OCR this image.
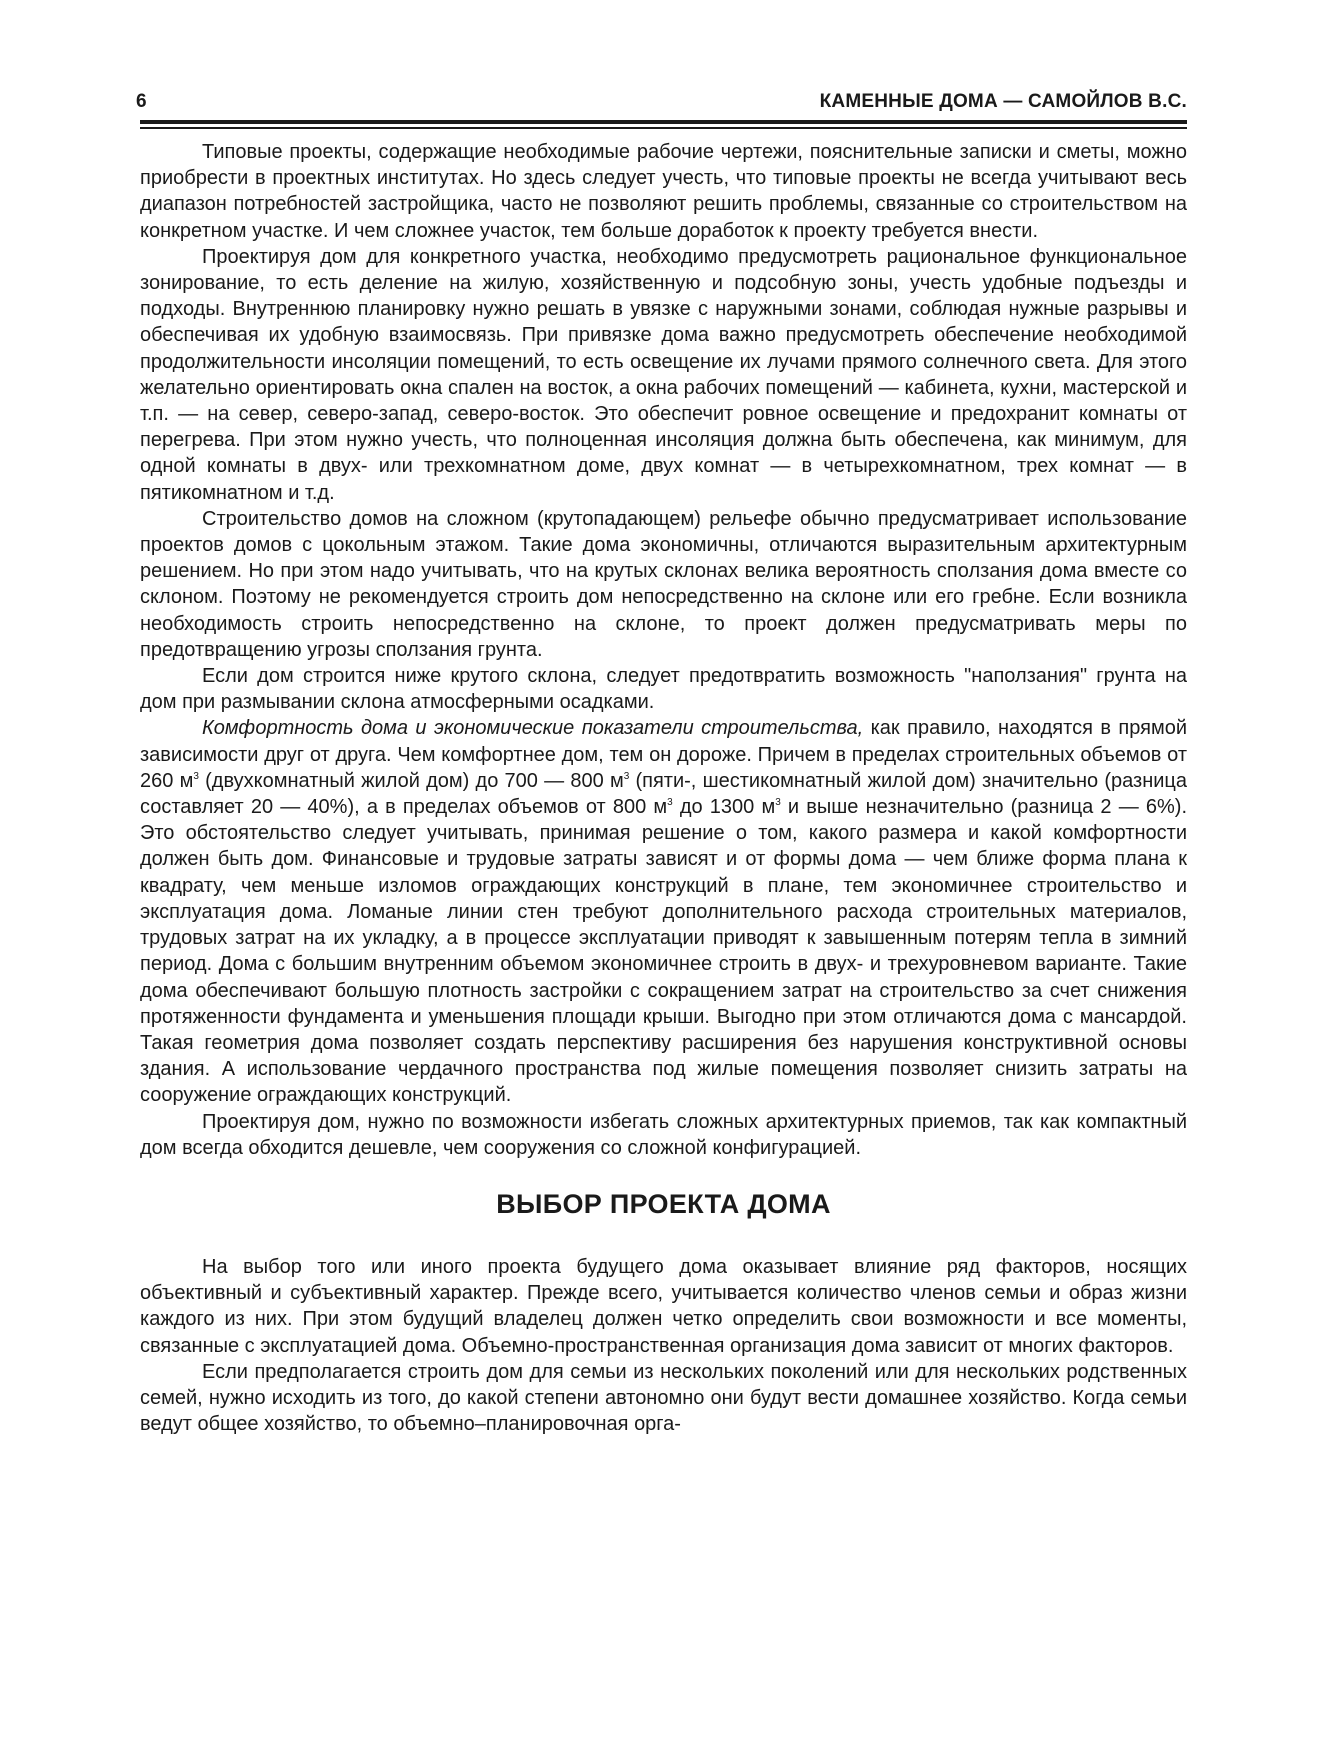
6	КАМЕННЫЕ ДОМА — САМОЙЛОВ В.С.

Типовые проекты, содержащие необходимые рабочие чертежи, пояснительные записки и сметы, можно приобрести в проектных институтах. Но здесь следует учесть, что типовые проекты не всегда учитывают весь диапазон потребностей застройщика, часто не позволяют решить проблемы, связанные со строительством на конкретном участке. И чем сложнее участок, тем больше доработок к проекту требуется внести.

Проектируя дом для конкретного участка, необходимо предусмотреть рациональное функциональное зонирование, то есть деление на жилую, хозяйственную и подсобную зоны, учесть удобные подъезды и подходы. Внутреннюю планировку нужно решать в увязке с наружными зонами, соблюдая нужные разрывы и обеспечивая их удобную взаимосвязь. При привязке дома важно предусмотреть обеспечение необходимой продолжительности инсоляции помещений, то есть освещение их лучами прямого солнечного света. Для этого желательно ориентировать окна спален на восток, а окна рабочих помещений — кабинета, кухни, мастерской и т.п. — на север, северо-запад, северо-восток. Это обеспечит ровное освещение и предохранит комнаты от перегрева. При этом нужно учесть, что полноценная инсоляция должна быть обеспечена, как минимум, для одной комнаты в двух- или трехкомнатном доме, двух комнат — в четырехкомнатном, трех комнат — в пятикомнатном и т.д.

Строительство домов на сложном (крутопадающем) рельефе обычно предусматривает использование проектов домов с цокольным этажом. Такие дома экономичны, отличаются выразительным архитектурным решением. Но при этом надо учитывать, что на крутых склонах велика вероятность сползания дома вместе со склоном. Поэтому не рекомендуется строить дом непосредственно на склоне или его гребне. Если возникла необходимость строить непосредственно на склоне, то проект должен предусматривать меры по предотвращению угрозы сползания грунта.

Если дом строится ниже крутого склона, следует предотвратить возможность "наползания" грунта на дом при размывании склона атмосферными осадками.

Комфортность дома и экономические показатели строительства, как правило, находятся в прямой зависимости друг от друга. Чем комфортнее дом, тем он дороже. Причем в пределах строительных объемов от 260 $м^3$ (двухкомнатный жилой дом) до 700 — 800 $м^3$ (пяти-, шестикомнатный жилой дом) значительно (разница составляет 20 — 40%), а в пределах объемов от 800 $м^3$ до 1300 $м^3$ и выше незначительно (разница 2 — 6%). Это обстоятельство следует учитывать, принимая решение о том, какого размера и какой комфортности должен быть дом. Финансовые и трудовые затраты зависят и от формы дома — чем ближе форма плана к квадрату, чем меньше изломов ограждающих конструкций в плане, тем экономичнее строительство и эксплуатация дома. Ломаные линии стен требуют дополнительного расхода строительных материалов, трудовых затрат на их укладку, а в процессе эксплуатации приводят к завышенным потерям тепла в зимний период. Дома с большим внутренним объемом экономичнее строить в двух- и трехуровневом варианте. Такие дома обеспечивают большую плотность застройки с сокращением затрат на строительство за счет снижения протяженности фундамента и уменьшения площади крыши. Выгодно при этом отличаются дома с мансардой. Такая геометрия дома позволяет создать перспективу расширения без нарушения конструктивной основы здания. А использование чердачного пространства под жилые помещения позволяет снизить затраты на сооружение ограждающих конструкций.

Проектируя дом, нужно по возможности избегать сложных архитектурных приемов, так как компактный дом всегда обходится дешевле, чем сооружения со сложной конфигурацией.

ВЫБОР ПРОЕКТА ДОМА

На выбор того или иного проекта будущего дома оказывает влияние ряд факторов, носящих объективный и субъективный характер. Прежде всего, учитывается количество членов семьи и образ жизни каждого из них. При этом будущий владелец должен четко определить свои возможности и все моменты, связанные с эксплуатацией дома. Объемно-пространственная организация дома зависит от многих факторов.

Если предполагается строить дом для семьи из нескольких поколений или для нескольких родственных семей, нужно исходить из того, до какой степени автономно они будут вести домашнее хозяйство. Когда семьи ведут общее хозяйство, то объемно–планировочная орга-
